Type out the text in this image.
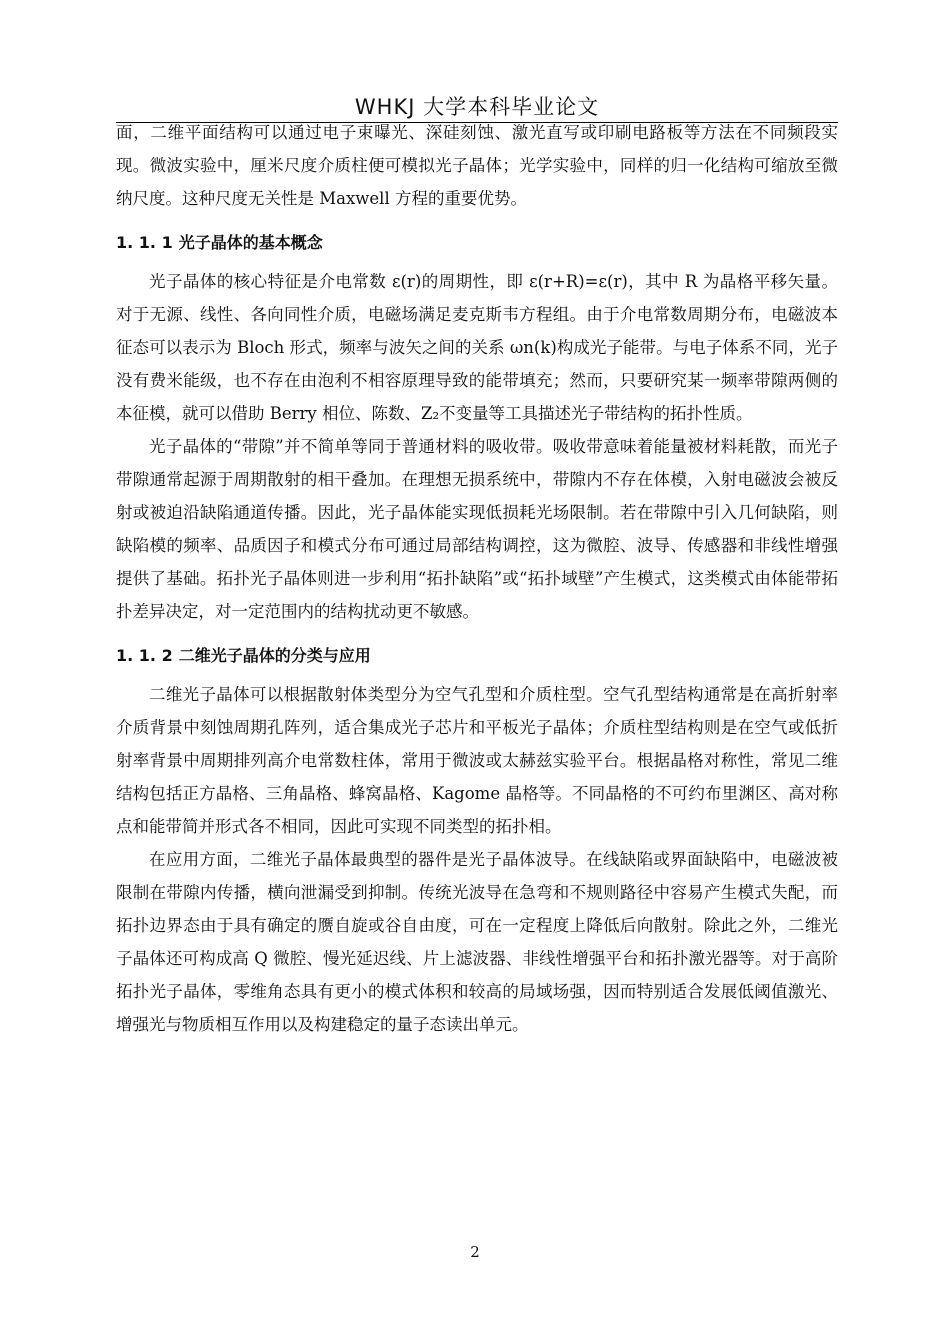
WHKJ 大学本科毕业论文

面，二维平面结构可以通过电子束曝光、深硅刻蚀、激光直写或印刷电路板等方法在不同频段实现。微波实验中，厘米尺度介质柱便可模拟光子晶体；光学实验中，同样的归一化结构可缩放至微纳尺度。这种尺度无关性是 Maxwell 方程的重要优势。

1. 1. 1 光子晶体的基本概念

光子晶体的核心特征是介电常数 ε(r)的周期性，即 ε(r+R)=ε(r)，其中 R 为晶格平移矢量。对于无源、线性、各向同性介质，电磁场满足麦克斯韦方程组。由于介电常数周期分布，电磁波本征态可以表示为 Bloch 形式，频率与波矢之间的关系 ωn(k)构成光子能带。与电子体系不同，光子没有费米能级，也不存在由泡利不相容原理导致的能带填充；然而，只要研究某一频率带隙两侧的本征模，就可以借助 Berry 相位、陈数、Z₂不变量等工具描述光子带结构的拓扑性质。

光子晶体的“带隙”并不简单等同于普通材料的吸收带。吸收带意味着能量被材料耗散，而光子带隙通常起源于周期散射的相干叠加。在理想无损系统中，带隙内不存在体模，入射电磁波会被反射或被迫沿缺陷通道传播。因此，光子晶体能实现低损耗光场限制。若在带隙中引入几何缺陷，则缺陷模的频率、品质因子和模式分布可通过局部结构调控，这为微腔、波导、传感器和非线性增强提供了基础。拓扑光子晶体则进一步利用“拓扑缺陷”或“拓扑域壁”产生模式，这类模式由体能带拓扑差异决定，对一定范围内的结构扰动更不敏感。

1. 1. 2 二维光子晶体的分类与应用

二维光子晶体可以根据散射体类型分为空气孔型和介质柱型。空气孔型结构通常是在高折射率介质背景中刻蚀周期孔阵列，适合集成光子芯片和平板光子晶体；介质柱型结构则是在空气或低折射率背景中周期排列高介电常数柱体，常用于微波或太赫兹实验平台。根据晶格对称性，常见二维结构包括正方晶格、三角晶格、蜂窝晶格、Kagome 晶格等。不同晶格的不可约布里渊区、高对称点和能带简并形式各不相同，因此可实现不同类型的拓扑相。

在应用方面，二维光子晶体最典型的器件是光子晶体波导。在线缺陷或界面缺陷中，电磁波被限制在带隙内传播，横向泄漏受到抑制。传统光波导在急弯和不规则路径中容易产生模式失配，而拓扑边界态由于具有确定的赝自旋或谷自由度，可在一定程度上降低后向散射。除此之外，二维光子晶体还可构成高 Q 微腔、慢光延迟线、片上滤波器、非线性增强平台和拓扑激光器等。对于高阶拓扑光子晶体，零维角态具有更小的模式体积和较高的局域场强，因而特别适合发展低阈值激光、增强光与物质相互作用以及构建稳定的量子态读出单元。

2
